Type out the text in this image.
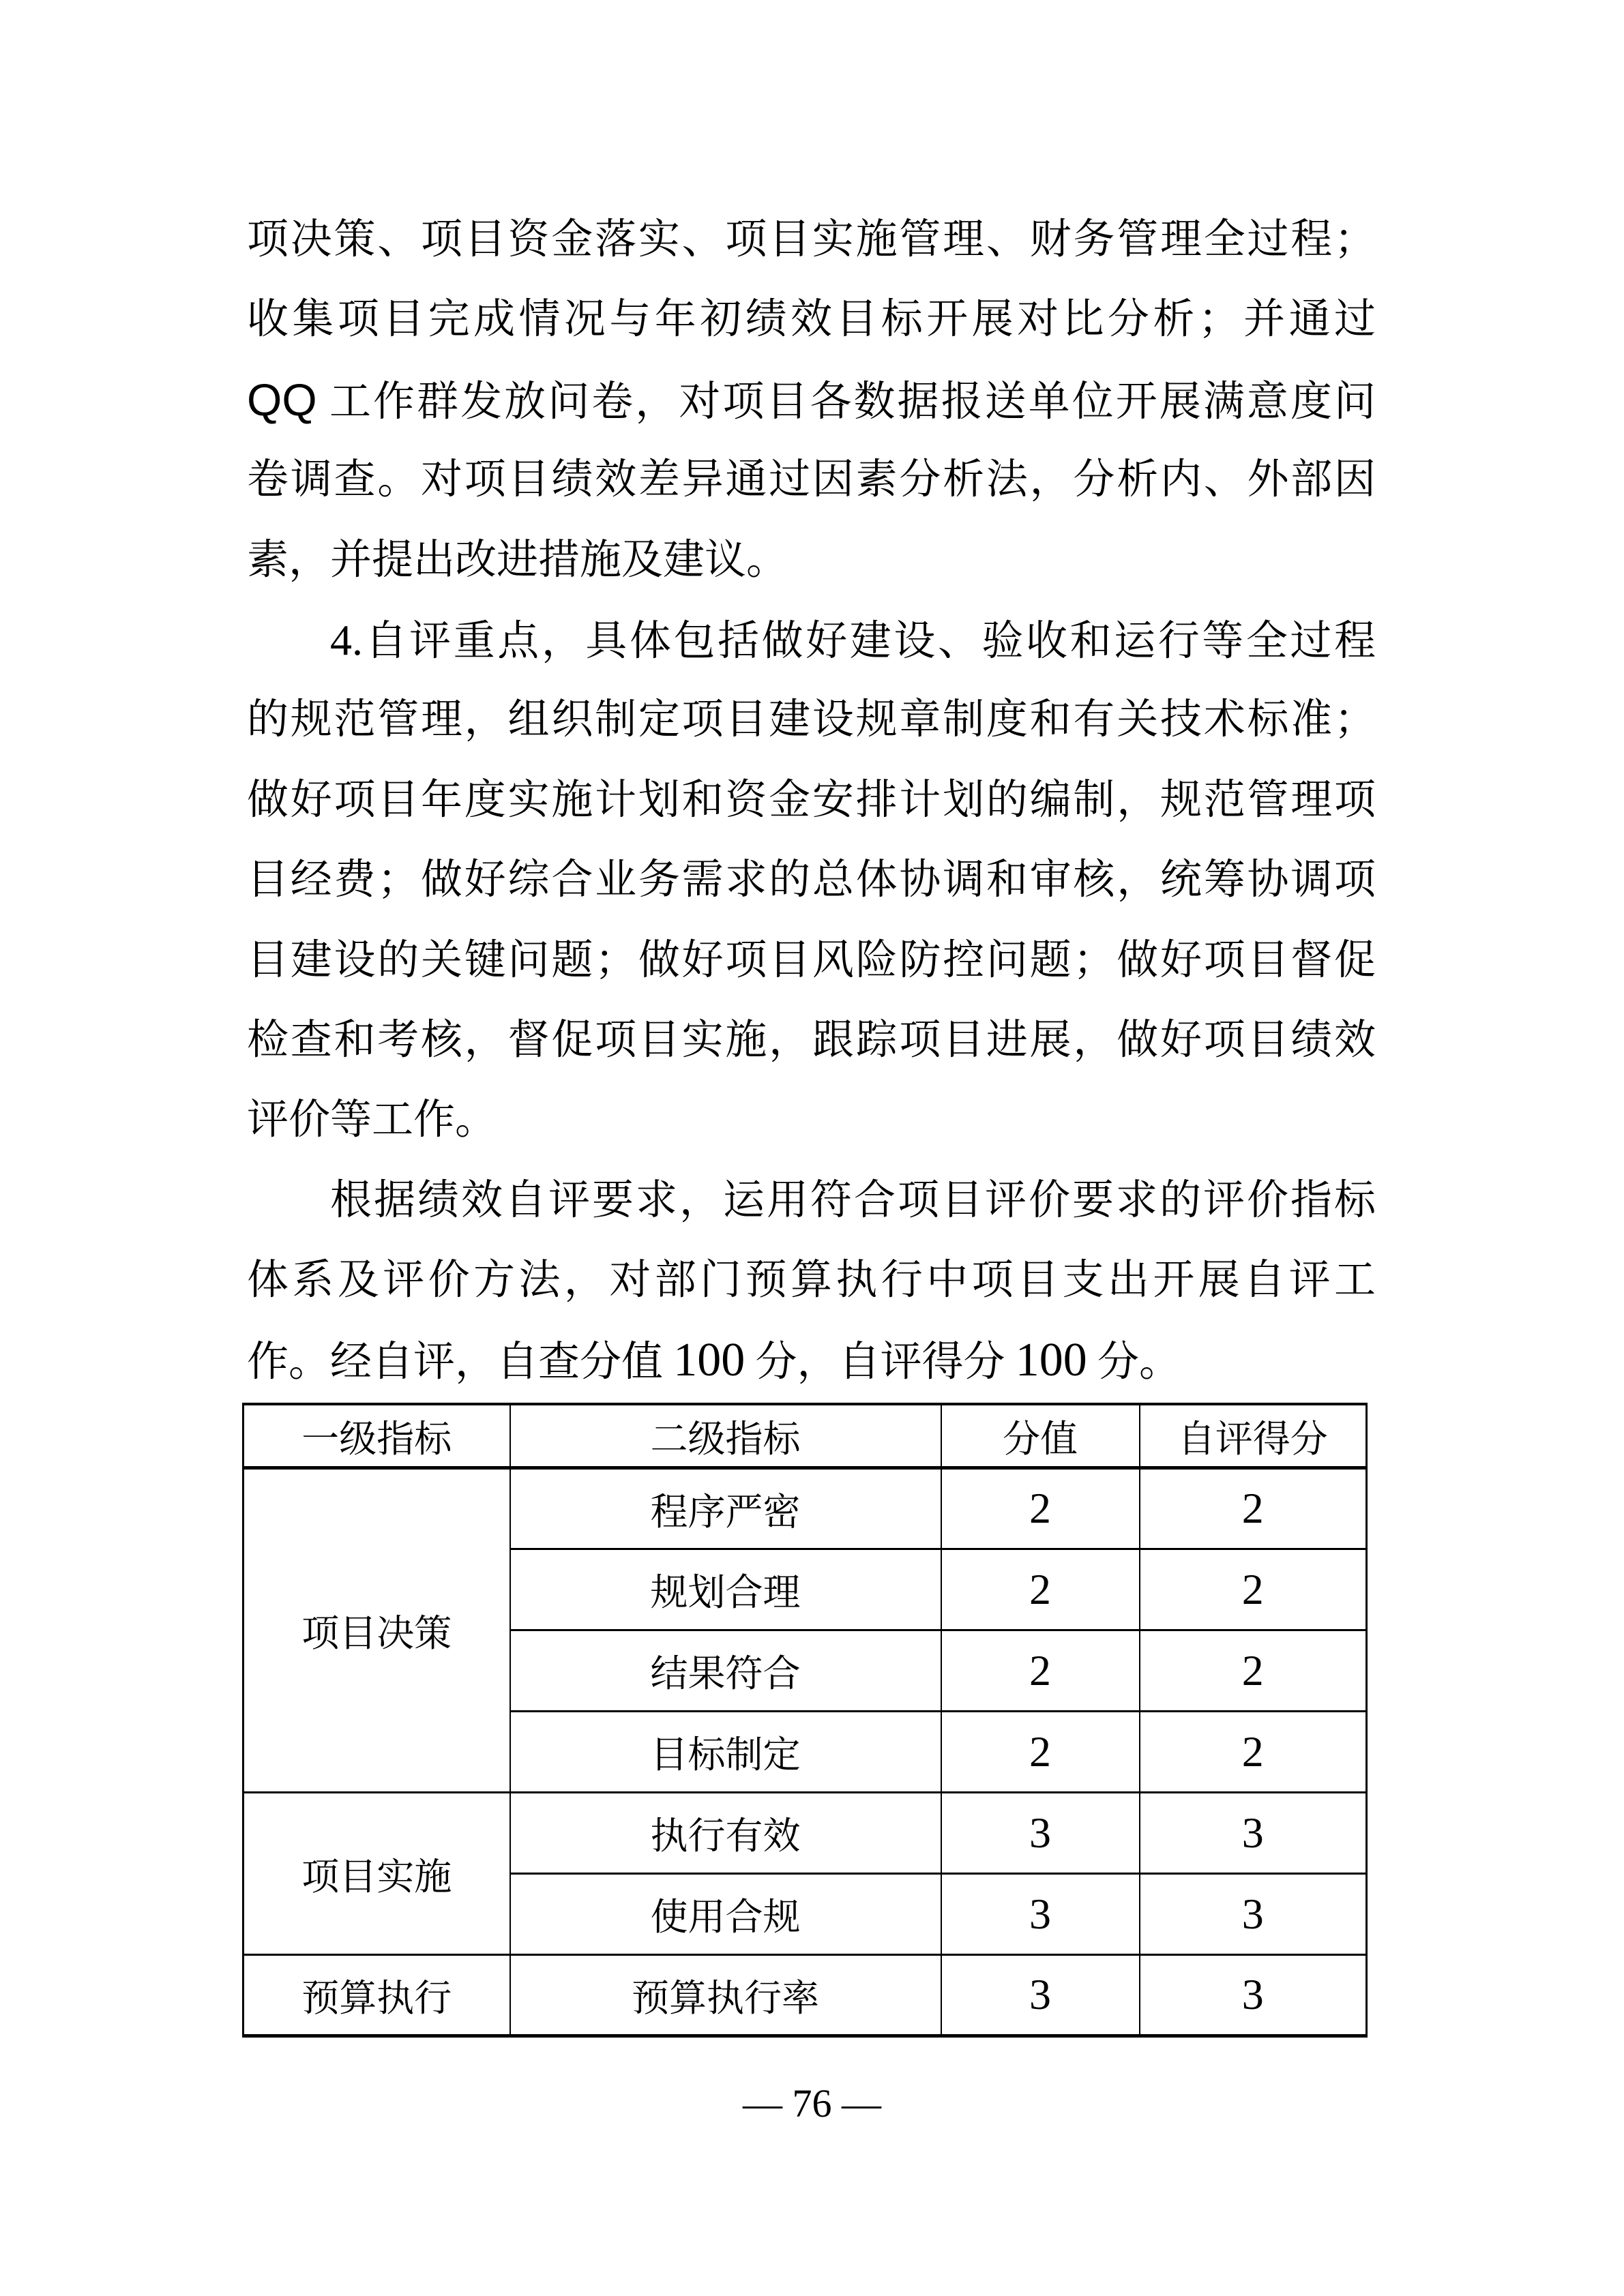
项决策、项目资金落实、项目实施管理、财务管理全过程；
收集项目完成情况与年初绩效目标开展对比分析；并通过
QQ 工作群发放问卷，对项目各数据报送单位开展满意度问
卷调查。对项目绩效差异通过因素分析法，分析内、外部因
素，并提出改进措施及建议。
4.自评重点，具体包括做好建设、验收和运行等全过程
的规范管理，组织制定项目建设规章制度和有关技术标准；
做好项目年度实施计划和资金安排计划的编制，规范管理项
目经费；做好综合业务需求的总体协调和审核，统筹协调项
目建设的关键问题；做好项目风险防控问题；做好项目督促
检查和考核，督促项目实施，跟踪项目进展，做好项目绩效
评价等工作。
根据绩效自评要求，运用符合项目评价要求的评价指标
体系及评价方法，对部门预算执行中项目支出开展自评工
作。经自评，自查分值 100 分，自评得分 100 分。
一级指标	二级指标	分值	自评得分
项目决策	程序严密	2	2
	规划合理	2	2
	结果符合	2	2
	目标制定	2	2
项目实施	执行有效	3	3
	使用合规	3	3
预算执行	预算执行率	3	3
— 76 —
